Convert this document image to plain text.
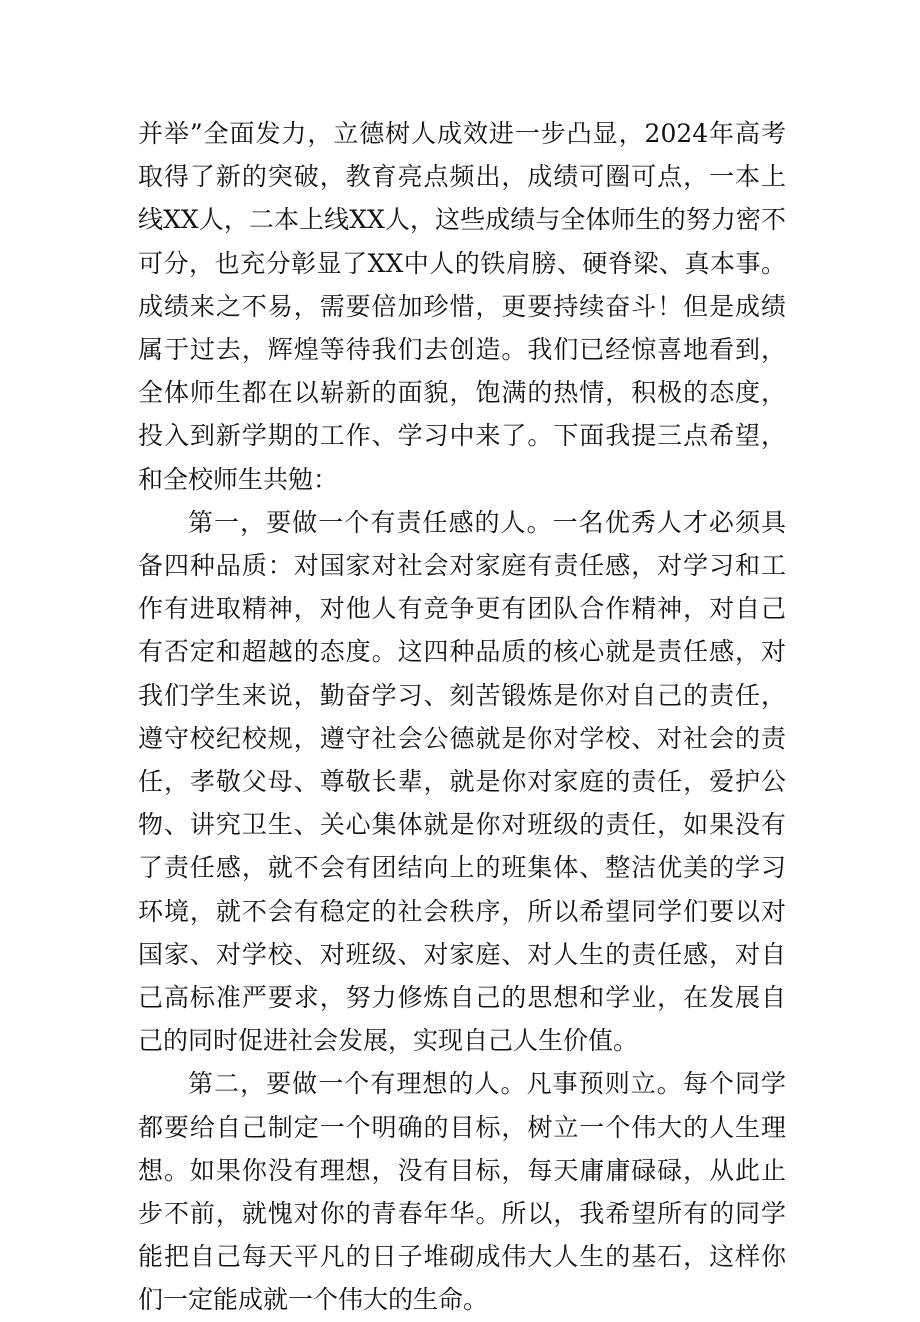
并举”全面发力，立德树人成效进一步凸显，2024年高考取得了新的突破，教育亮点频出，成绩可圈可点，一本上线XX人，二本上线XX人，这些成绩与全体师生的努力密不可分，也充分彰显了XX中人的铁肩膀、硬脊梁、真本事。成绩来之不易，需要倍加珍惜，更要持续奋斗！但是成绩属于过去，辉煌等待我们去创造。我们已经惊喜地看到，全体师生都在以崭新的面貌，饱满的热情，积极的态度，投入到新学期的工作、学习中来了。下面我提三点希望，和全校师生共勉：

第一，要做一个有责任感的人。一名优秀人才必须具备四种品质：对国家对社会对家庭有责任感，对学习和工作有进取精神，对他人有竞争更有团队合作精神，对自己有否定和超越的态度。这四种品质的核心就是责任感，对我们学生来说，勤奋学习、刻苦锻炼是你对自己的责任，遵守校纪校规，遵守社会公德就是你对学校、对社会的责任，孝敬父母、尊敬长辈，就是你对家庭的责任，爱护公物、讲究卫生、关心集体就是你对班级的责任，如果没有了责任感，就不会有团结向上的班集体、整洁优美的学习环境，就不会有稳定的社会秩序，所以希望同学们要以对国家、对学校、对班级、对家庭、对人生的责任感，对自己高标准严要求，努力修炼自己的思想和学业，在发展自己的同时促进社会发展，实现自己人生价值。

第二，要做一个有理想的人。凡事预则立。每个同学都要给自己制定一个明确的目标，树立一个伟大的人生理想。如果你没有理想，没有目标，每天庸庸碌碌，从此止步不前，就愧对你的青春年华。所以，我希望所有的同学能把自己每天平凡的日子堆砌成伟大人生的基石，这样你们一定能成就一个伟大的生命。
